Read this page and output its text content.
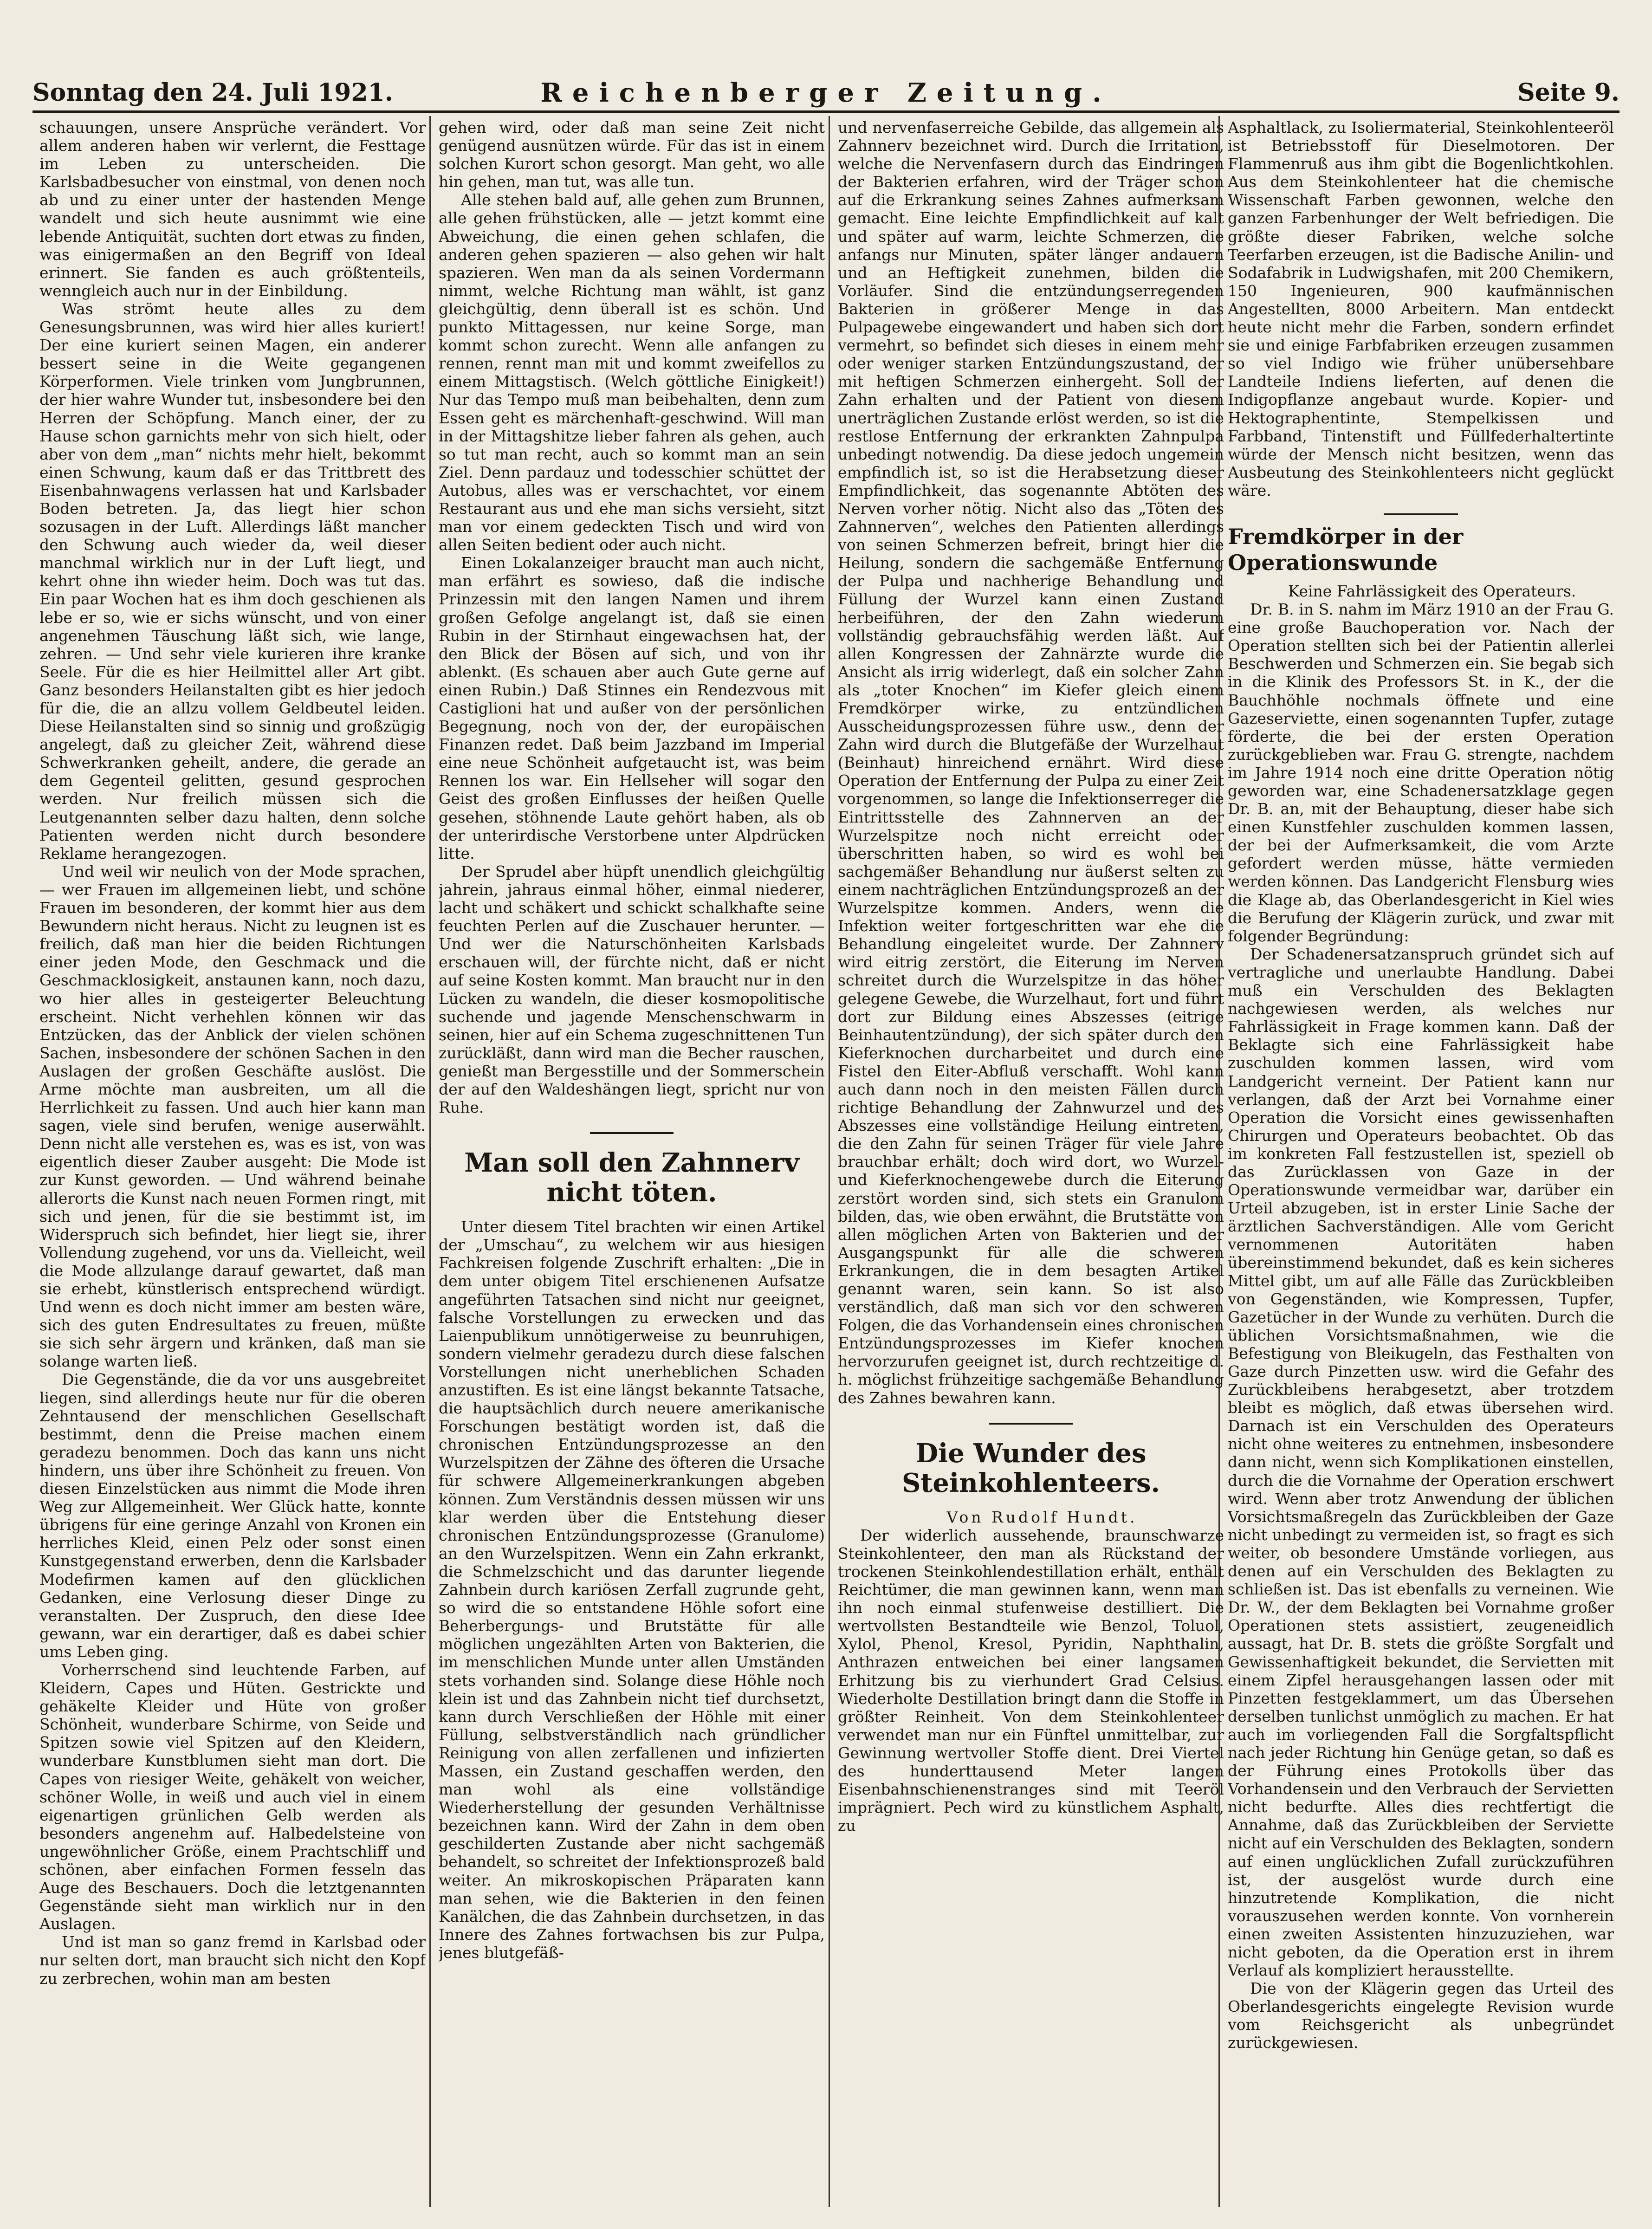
Sonntag den 24. Juli 1921.	Reichenberger Zeitung.	Seite 9.

schauungen, unsere Ansprüche verändert. Vor allem anderen haben wir verlernt, die Festtage im Leben zu unterscheiden. Die Karlsbadbesucher von einstmal, von denen noch ab und zu einer unter der hastenden Menge wandelt und sich heute ausnimmt wie eine lebende Antiquität, suchten dort etwas zu finden, was einigermaßen an den Begriff von Ideal erinnert. Sie fanden es auch größtenteils, wenngleich auch nur in der Einbildung.

Was strömt heute alles zu dem Genesungsbrunnen, was wird hier alles kuriert! Der eine kuriert seinen Magen, ein anderer bessert seine in die Weite gegangenen Körperformen. Viele trinken vom Jungbrunnen, der hier wahre Wunder tut, insbesondere bei den Herren der Schöpfung. Manch einer, der zu Hause schon garnichts mehr von sich hielt, oder aber von dem „man“ nichts mehr hielt, bekommt einen Schwung, kaum daß er das Trittbrett des Eisenbahnwagens verlassen hat und Karlsbader Boden betreten. Ja, das liegt hier schon sozusagen in der Luft. Allerdings läßt mancher den Schwung auch wieder da, weil dieser manchmal wirklich nur in der Luft liegt, und kehrt ohne ihn wieder heim. Doch was tut das. Ein paar Wochen hat es ihm doch geschienen als lebe er so, wie er sichs wünscht, und von einer angenehmen Täuschung läßt sich, wie lange, zehren. — Und sehr viele kurieren ihre kranke Seele. Für die es hier Heilmittel aller Art gibt. Ganz besonders Heilanstalten gibt es hier jedoch für die, die an allzu vollem Geldbeutel leiden. Diese Heilanstalten sind so sinnig und großzügig angelegt, daß zu gleicher Zeit, während diese Schwerkranken geheilt, andere, die gerade an dem Gegenteil gelitten, gesund gesprochen werden. Nur freilich müssen sich die Leutgenannten selber dazu halten, denn solche Patienten werden nicht durch besondere Reklame herangezogen.

Und weil wir neulich von der Mode sprachen, — wer Frauen im allgemeinen liebt, und schöne Frauen im besonderen, der kommt hier aus dem Bewundern nicht heraus. Nicht zu leugnen ist es freilich, daß man hier die beiden Richtungen einer jeden Mode, den Geschmack und die Geschmacklosigkeit, anstaunen kann, noch dazu, wo hier alles in gesteigerter Beleuchtung erscheint. Nicht verhehlen können wir das Entzücken, das der Anblick der vielen schönen Sachen, insbesondere der schönen Sachen in den Auslagen der großen Geschäfte auslöst. Die Arme möchte man ausbreiten, um all die Herrlichkeit zu fassen. Und auch hier kann man sagen, viele sind berufen, wenige auserwählt. Denn nicht alle verstehen es, was es ist, von was eigentlich dieser Zauber ausgeht: Die Mode ist zur Kunst geworden. — Und während beinahe allerorts die Kunst nach neuen Formen ringt, mit sich und jenen, für die sie bestimmt ist, im Widerspruch sich befindet, hier liegt sie, ihrer Vollendung zugehend, vor uns da. Vielleicht, weil die Mode allzulange darauf gewartet, daß man sie erhebt, künstlerisch entsprechend würdigt. Und wenn es doch nicht immer am besten wäre, sich des guten Endresultates zu freuen, müßte sie sich sehr ärgern und kränken, daß man sie solange warten ließ.

Die Gegenstände, die da vor uns ausgebreitet liegen, sind allerdings heute nur für die oberen Zehntausend der menschlichen Gesellschaft bestimmt, denn die Preise machen einem geradezu benommen. Doch das kann uns nicht hindern, uns über ihre Schönheit zu freuen. Von diesen Einzelstücken aus nimmt die Mode ihren Weg zur Allgemeinheit. Wer Glück hatte, konnte übrigens für eine geringe Anzahl von Kronen ein herrliches Kleid, einen Pelz oder sonst einen Kunstgegenstand erwerben, denn die Karlsbader Modefirmen kamen auf den glücklichen Gedanken, eine Verlosung dieser Dinge zu veranstalten. Der Zuspruch, den diese Idee gewann, war ein derartiger, daß es dabei schier ums Leben ging.

Vorherrschend sind leuchtende Farben, auf Kleidern, Capes und Hüten. Gestrickte und gehäkelte Kleider und Hüte von großer Schönheit, wunderbare Schirme, von Seide und Spitzen sowie viel Spitzen auf den Kleidern, wunderbare Kunstblumen sieht man dort. Die Capes von riesiger Weite, gehäkelt von weicher, schöner Wolle, in weiß und auch viel in einem eigenartigen grünlichen Gelb werden als besonders angenehm auf. Halbedelsteine von ungewöhnlicher Größe, einem Prachtschliff und schönen, aber einfachen Formen fesseln das Auge des Beschauers. Doch die letztgenannten Gegenstände sieht man wirklich nur in den Auslagen.

Und ist man so ganz fremd in Karlsbad oder nur selten dort, man braucht sich nicht den Kopf zu zerbrechen, wohin man am besten

gehen wird, oder daß man seine Zeit nicht genügend ausnützen würde. Für das ist in einem solchen Kurort schon gesorgt. Man geht, wo alle hin gehen, man tut, was alle tun.

Alle stehen bald auf, alle gehen zum Brunnen, alle gehen frühstücken, alle — jetzt kommt eine Abweichung, die einen gehen schlafen, die anderen gehen spazieren — also gehen wir halt spazieren. Wen man da als seinen Vordermann nimmt, welche Richtung man wählt, ist ganz gleichgültig, denn überall ist es schön. Und punkto Mittagessen, nur keine Sorge, man kommt schon zurecht. Wenn alle anfangen zu rennen, rennt man mit und kommt zweifellos zu einem Mittagstisch. (Welch göttliche Einigkeit!) Nur das Tempo muß man beibehalten, denn zum Essen geht es märchenhaft-geschwind. Will man in der Mittagshitze lieber fahren als gehen, auch so tut man recht, auch so kommt man an sein Ziel. Denn pardauz und todesschier schüttet der Autobus, alles was er verschachtet, vor einem Restaurant aus und ehe man sichs versieht, sitzt man vor einem gedeckten Tisch und wird von allen Seiten bedient oder auch nicht.

Einen Lokalanzeiger braucht man auch nicht, man erfährt es sowieso, daß die indische Prinzessin mit den langen Namen und ihrem großen Gefolge angelangt ist, daß sie einen Rubin in der Stirnhaut eingewachsen hat, der den Blick der Bösen auf sich, und von ihr ablenkt. (Es schauen aber auch Gute gerne auf einen Rubin.) Daß Stinnes ein Rendezvous mit Castiglioni hat und außer von der persönlichen Begegnung, noch von der, der europäischen Finanzen redet. Daß beim Jazzband im Imperial eine neue Schönheit aufgetaucht ist, was beim Rennen los war. Ein Hellseher will sogar den Geist des großen Einflusses der heißen Quelle gesehen, stöhnende Laute gehört haben, als ob der unterirdische Verstorbene unter Alpdrücken litte.

Der Sprudel aber hüpft unendlich gleichgültig jahrein, jahraus einmal höher, einmal niederer, lacht und schäkert und schickt schalkhafte seine feuchten Perlen auf die Zuschauer herunter. — Und wer die Naturschönheiten Karlsbads erschauen will, der fürchte nicht, daß er nicht auf seine Kosten kommt. Man braucht nur in den Lücken zu wandeln, die dieser kosmopolitische suchende und jagende Menschenschwarm in seinen, hier auf ein Schema zugeschnittenen Tun zurückläßt, dann wird man die Becher rauschen, genießt man Bergesstille und der Sommerschein der auf den Waldeshängen liegt, spricht nur von Ruhe.

Man soll den Zahnnerv nicht töten.

Unter diesem Titel brachten wir einen Artikel der „Umschau“, zu welchem wir aus hiesigen Fachkreisen folgende Zuschrift erhalten: „Die in dem unter obigem Titel erschienenen Aufsatze angeführten Tatsachen sind nicht nur geeignet, falsche Vorstellungen zu erwecken und das Laienpublikum unnötigerweise zu beunruhigen, sondern vielmehr geradezu durch diese falschen Vorstellungen nicht unerheblichen Schaden anzustiften. Es ist eine längst bekannte Tatsache, die hauptsächlich durch neuere amerikanische Forschungen bestätigt worden ist, daß die chronischen Entzündungsprozesse an den Wurzelspitzen der Zähne des öfteren die Ursache für schwere Allgemeinerkrankungen abgeben können. Zum Verständnis dessen müssen wir uns klar werden über die Entstehung dieser chronischen Entzündungsprozesse (Granulome) an den Wurzelspitzen. Wenn ein Zahn erkrankt, die Schmelzschicht und das darunter liegende Zahnbein durch kariösen Zerfall zugrunde geht, so wird die so entstandene Höhle sofort eine Beherbergungs- und Brutstätte für alle möglichen ungezählten Arten von Bakterien, die im menschlichen Munde unter allen Umständen stets vorhanden sind. Solange diese Höhle noch klein ist und das Zahnbein nicht tief durchsetzt, kann durch Verschließen der Höhle mit einer Füllung, selbstverständlich nach gründlicher Reinigung von allen zerfallenen und infizierten Massen, ein Zustand geschaffen werden, den man wohl als eine vollständige Wiederherstellung der gesunden Verhältnisse bezeichnen kann. Wird der Zahn in dem oben geschilderten Zustande aber nicht sachgemäß behandelt, so schreitet der Infektionsprozeß bald weiter. An mikroskopischen Präparaten kann man sehen, wie die Bakterien in den feinen Kanälchen, die das Zahnbein durchsetzen, in das Innere des Zahnes fortwachsen bis zur Pulpa, jenes blutgefäß-

und nervenfaserreiche Gebilde, das allgemein als Zahnnerv bezeichnet wird. Durch die Irritation, welche die Nervenfasern durch das Eindringen der Bakterien erfahren, wird der Träger schon auf die Erkrankung seines Zahnes aufmerksam gemacht. Eine leichte Empfindlichkeit auf kalt und später auf warm, leichte Schmerzen, die anfangs nur Minuten, später länger andauern und an Heftigkeit zunehmen, bilden die Vorläufer. Sind die entzündungserregenden Bakterien in größerer Menge in das Pulpagewebe eingewandert und haben sich dort vermehrt, so befindet sich dieses in einem mehr oder weniger starken Entzündungszustand, der mit heftigen Schmerzen einhergeht. Soll der Zahn erhalten und der Patient von diesem unerträglichen Zustande erlöst werden, so ist die restlose Entfernung der erkrankten Zahnpulpa unbedingt notwendig. Da diese jedoch ungemein empfindlich ist, so ist die Herabsetzung dieser Empfindlichkeit, das sogenannte Abtöten des Nerven vorher nötig. Nicht also das „Töten des Zahnnerven“, welches den Patienten allerdings von seinen Schmerzen befreit, bringt hier die Heilung, sondern die sachgemäße Entfernung der Pulpa und nachherige Behandlung und Füllung der Wurzel kann einen Zustand herbeiführen, der den Zahn wiederum vollständig gebrauchsfähig werden läßt. Auf allen Kongressen der Zahnärzte wurde die Ansicht als irrig widerlegt, daß ein solcher Zahn als „toter Knochen“ im Kiefer gleich einem Fremdkörper wirke, zu entzündlichen Ausscheidungsprozessen führe usw., denn der Zahn wird durch die Blutgefäße der Wurzelhaut (Beinhaut) hinreichend ernährt. Wird diese Operation der Entfernung der Pulpa zu einer Zeit vorgenommen, so lange die Infektionserreger die Eintrittsstelle des Zahnnerven an der Wurzelspitze noch nicht erreicht oder überschritten haben, so wird es wohl bei sachgemäßer Behandlung nur äußerst selten zu einem nachträglichen Entzündungsprozeß an der Wurzelspitze kommen. Anders, wenn die Infektion weiter fortgeschritten war ehe die Behandlung eingeleitet wurde. Der Zahnnerv wird eitrig zerstört, die Eiterung im Nerven schreitet durch die Wurzelspitze in das höher gelegene Gewebe, die Wurzelhaut, fort und führt dort zur Bildung eines Abszesses (eitrige Beinhautentzündung), der sich später durch den Kieferknochen durcharbeitet und durch eine Fistel den Eiter-Abfluß verschafft. Wohl kann auch dann noch in den meisten Fällen durch richtige Behandlung der Zahnwurzel und des Abszesses eine vollständige Heilung eintreten, die den Zahn für seinen Träger für viele Jahre brauchbar erhält; doch wird dort, wo Wurzel- und Kieferknochengewebe durch die Eiterung zerstört worden sind, sich stets ein Granulom bilden, das, wie oben erwähnt, die Brutstätte von allen möglichen Arten von Bakterien und der Ausgangspunkt für alle die schweren Erkrankungen, die in dem besagten Artikel genannt waren, sein kann. So ist also verständlich, daß man sich vor den schweren Folgen, die das Vorhandensein eines chronischen Entzündungsprozesses im Kiefer knochen hervorzurufen geeignet ist, durch rechtzeitige d. h. möglichst frühzeitige sachgemäße Behandlung des Zahnes bewahren kann.

Die Wunder des Steinkohlenteers.

Von Rudolf Hundt.

Der widerlich aussehende, braunschwarze Steinkohlenteer, den man als Rückstand der trockenen Steinkohlendestillation erhält, enthält Reichtümer, die man gewinnen kann, wenn man ihn noch einmal stufenweise destilliert. Die wertvollsten Bestandteile wie Benzol, Toluol, Xylol, Phenol, Kresol, Pyridin, Naphthalin, Anthrazen entweichen bei einer langsamen Erhitzung bis zu vierhundert Grad Celsius. Wiederholte Destillation bringt dann die Stoffe in größter Reinheit. Von dem Steinkohlenteer verwendet man nur ein Fünftel unmittelbar, zur Gewinnung wertvoller Stoffe dient. Drei Viertel des hunderttausend Meter langen Eisenbahnschienenstranges sind mit Teeröl imprägniert. Pech wird zu künstlichem Asphalt, zu

Asphaltlack, zu Isoliermaterial, Steinkohlenteeröl ist Betriebsstoff für Dieselmotoren. Der Flammenruß aus ihm gibt die Bogenlichtkohlen. Aus dem Steinkohlenteer hat die chemische Wissenschaft Farben gewonnen, welche den ganzen Farbenhunger der Welt befriedigen. Die größte dieser Fabriken, welche solche Teerfarben erzeugen, ist die Badische Anilin- und Sodafabrik in Ludwigshafen, mit 200 Chemikern, 150 Ingenieuren, 900 kaufmännischen Angestellten, 8000 Arbeitern. Man entdeckt heute nicht mehr die Farben, sondern erfindet sie und einige Farbfabriken erzeugen zusammen so viel Indigo wie früher unübersehbare Landteile Indiens lieferten, auf denen die Indigopflanze angebaut wurde. Kopier- und Hektographentinte, Stempelkissen und Farbband, Tintenstift und Füllfederhaltertinte würde der Mensch nicht besitzen, wenn das Ausbeutung des Steinkohlenteers nicht geglückt wäre.

Fremdkörper in der Operationswunde

Keine Fahrlässigkeit des Operateurs.

Dr. B. in S. nahm im März 1910 an der Frau G. eine große Bauchoperation vor. Nach der Operation stellten sich bei der Patientin allerlei Beschwerden und Schmerzen ein. Sie begab sich in die Klinik des Professors St. in K., der die Bauchhöhle nochmals öffnete und eine Gazeserviette, einen sogenannten Tupfer, zutage förderte, die bei der ersten Operation zurückgeblieben war. Frau G. strengte, nachdem im Jahre 1914 noch eine dritte Operation nötig geworden war, eine Schadenersatzklage gegen Dr. B. an, mit der Behauptung, dieser habe sich einen Kunstfehler zuschulden kommen lassen, der bei der Aufmerksamkeit, die vom Arzte gefordert werden müsse, hätte vermieden werden können. Das Landgericht Flensburg wies die Klage ab, das Oberlandesgericht in Kiel wies die Berufung der Klägerin zurück, und zwar mit folgender Begründung:

Der Schadenersatzanspruch gründet sich auf vertragliche und unerlaubte Handlung. Dabei muß ein Verschulden des Beklagten nachgewiesen werden, als welches nur Fahrlässigkeit in Frage kommen kann. Daß der Beklagte sich eine Fahrlässigkeit habe zuschulden kommen lassen, wird vom Landgericht verneint. Der Patient kann nur verlangen, daß der Arzt bei Vornahme einer Operation die Vorsicht eines gewissenhaften Chirurgen und Operateurs beobachtet. Ob das im konkreten Fall festzustellen ist, speziell ob das Zurücklassen von Gaze in der Operationswunde vermeidbar war, darüber ein Urteil abzugeben, ist in erster Linie Sache der ärztlichen Sachverständigen. Alle vom Gericht vernommenen Autoritäten haben übereinstimmend bekundet, daß es kein sicheres Mittel gibt, um auf alle Fälle das Zurückbleiben von Gegenständen, wie Kompressen, Tupfer, Gazetücher in der Wunde zu verhüten. Durch die üblichen Vorsichtsmaßnahmen, wie die Befestigung von Bleikugeln, das Festhalten von Gaze durch Pinzetten usw. wird die Gefahr des Zurückbleibens herabgesetzt, aber trotzdem bleibt es möglich, daß etwas übersehen wird. Darnach ist ein Verschulden des Operateurs nicht ohne weiteres zu entnehmen, insbesondere dann nicht, wenn sich Komplikationen einstellen, durch die die Vornahme der Operation erschwert wird. Wenn aber trotz Anwendung der üblichen Vorsichtsmaßregeln das Zurückbleiben der Gaze nicht unbedingt zu vermeiden ist, so fragt es sich weiter, ob besondere Umstände vorliegen, aus denen auf ein Verschulden des Beklagten zu schließen ist. Das ist ebenfalls zu verneinen. Wie Dr. W., der dem Beklagten bei Vornahme großer Operationen stets assistiert, zeugeneidlich aussagt, hat Dr. B. stets die größte Sorgfalt und Gewissenhaftigkeit bekundet, die Servietten mit einem Zipfel herausgehangen lassen oder mit Pinzetten festgeklammert, um das Übersehen derselben tunlichst unmöglich zu machen. Er hat auch im vorliegenden Fall die Sorgfaltspflicht nach jeder Richtung hin Genüge getan, so daß es der Führung eines Protokolls über das Vorhandensein und den Verbrauch der Servietten nicht bedurfte. Alles dies rechtfertigt die Annahme, daß das Zurückbleiben der Serviette nicht auf ein Verschulden des Beklagten, sondern auf einen unglücklichen Zufall zurückzuführen ist, der ausgelöst wurde durch eine hinzutretende Komplikation, die nicht vorauszusehen werden konnte. Von vornherein einen zweiten Assistenten hinzuzuziehen, war nicht geboten, da die Operation erst in ihrem Verlauf als kompliziert herausstellte.

Die von der Klägerin gegen das Urteil des Oberlandesgerichts eingelegte Revision wurde vom Reichsgericht als unbegründet zurückgewiesen.
